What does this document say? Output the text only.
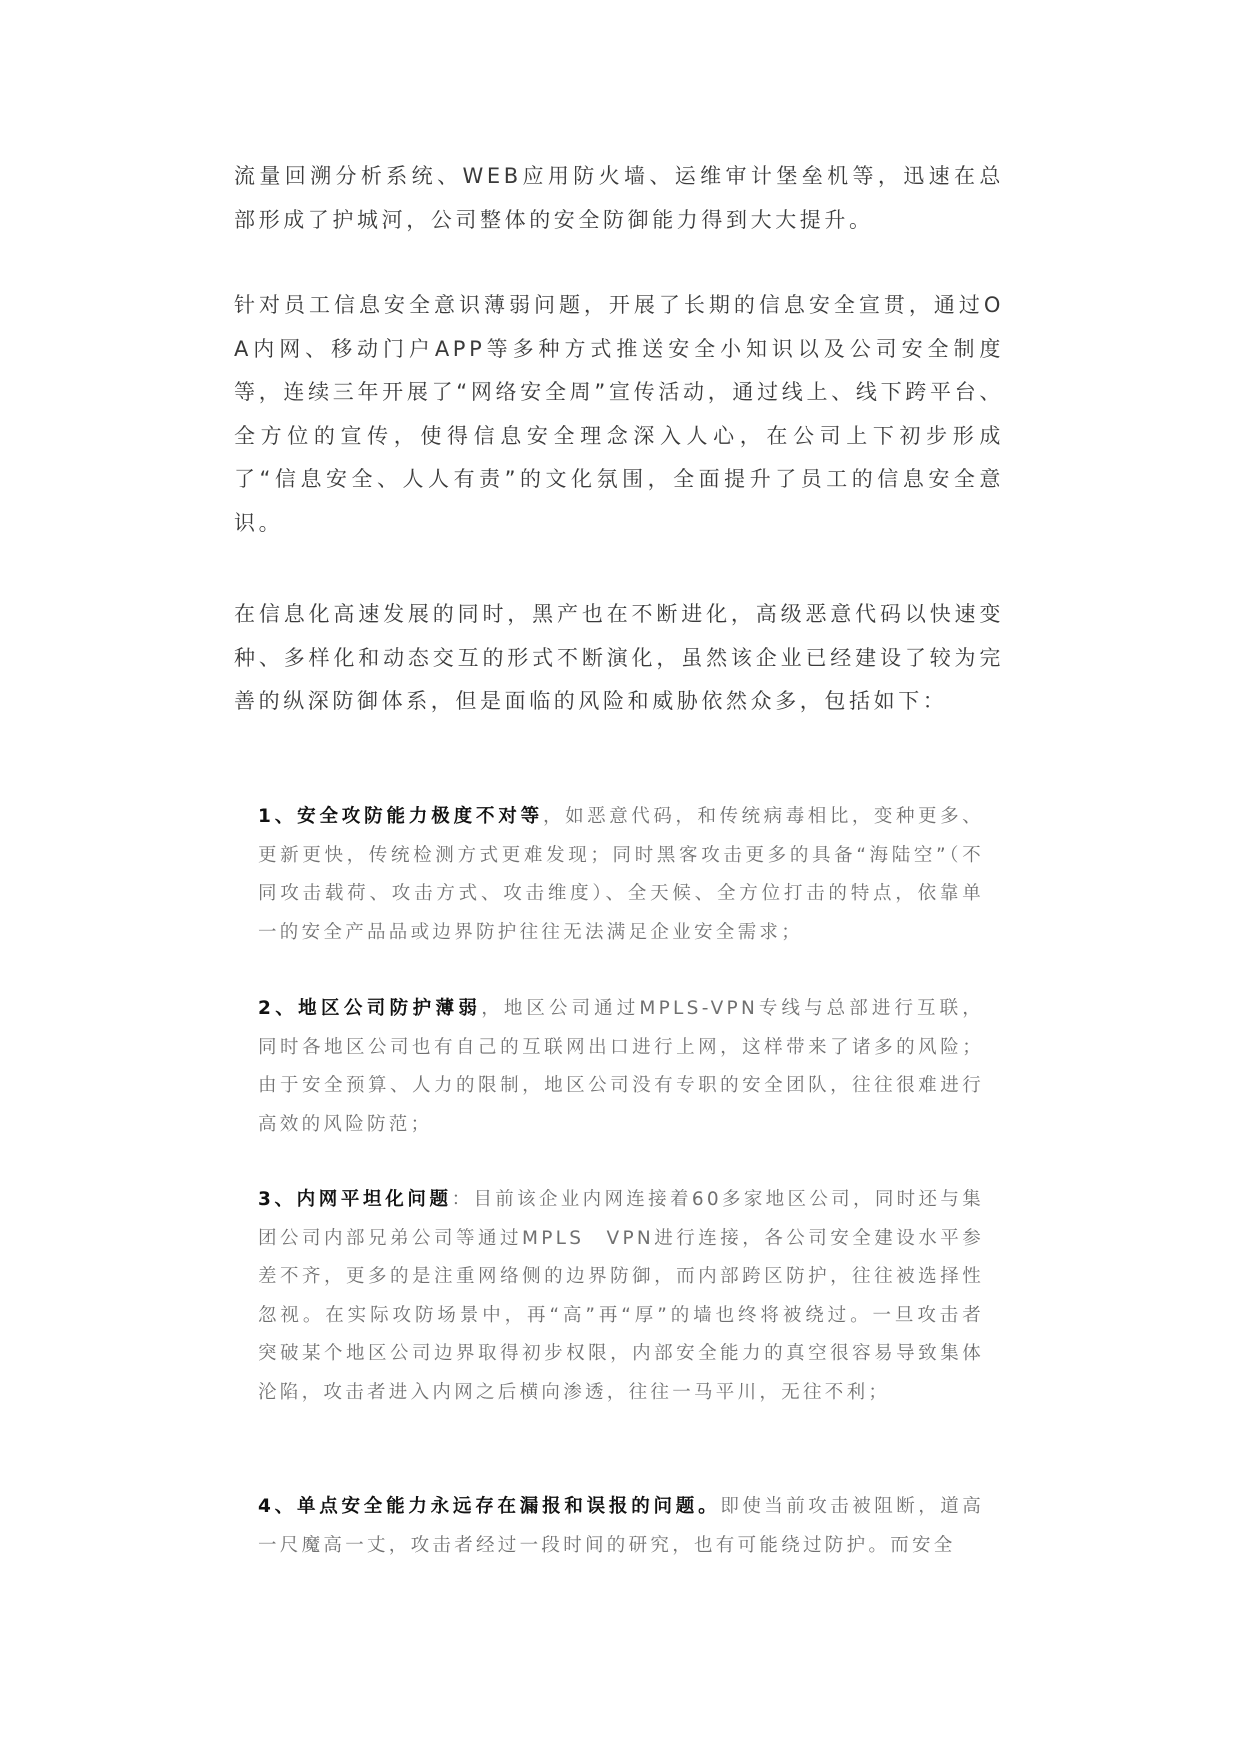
流量回溯分析系统、WEB应用防火墙、运维审计堡垒机等，迅速在总部形成了护城河，公司整体的安全防御能力得到大大提升。

针对员工信息安全意识薄弱问题，开展了长期的信息安全宣贯，通过OA内网、移动门户APP等多种方式推送安全小知识以及公司安全制度等，连续三年开展了“网络安全周”宣传活动，通过线上、线下跨平台、全方位的宣传，使得信息安全理念深入人心，在公司上下初步形成了“信息安全、人人有责”的文化氛围，全面提升了员工的信息安全意识。

在信息化高速发展的同时，黑产也在不断进化，高级恶意代码以快速变种、多样化和动态交互的形式不断演化，虽然该企业已经建设了较为完善的纵深防御体系，但是面临的风险和威胁依然众多，包括如下：

1、安全攻防能力极度不对等，如恶意代码，和传统病毒相比，变种更多、更新更快，传统检测方式更难发现；同时黑客攻击更多的具备“海陆空”（不同攻击载荷、攻击方式、攻击维度）、全天候、全方位打击的特点，依靠单一的安全产品品或边界防护往往无法满足企业安全需求；

2、地区公司防护薄弱，地区公司通过MPLS-VPN专线与总部进行互联，同时各地区公司也有自己的互联网出口进行上网，这样带来了诸多的风险；由于安全预算、人力的限制，地区公司没有专职的安全团队，往往很难进行高效的风险防范；

3、内网平坦化问题：目前该企业内网连接着60多家地区公司，同时还与集团公司内部兄弟公司等通过MPLS　VPN进行连接，各公司安全建设水平参差不齐，更多的是注重网络侧的边界防御，而内部跨区防护，往往被选择性忽视。在实际攻防场景中，再“高”再“厚”的墙也终将被绕过。一旦攻击者突破某个地区公司边界取得初步权限，内部安全能力的真空很容易导致集体沦陷，攻击者进入内网之后横向渗透，往往一马平川，无往不利；

4、单点安全能力永远存在漏报和误报的问题。即使当前攻击被阻断，道高一尺魔高一丈，攻击者经过一段时间的研究，也有可能绕过防护。而安全
